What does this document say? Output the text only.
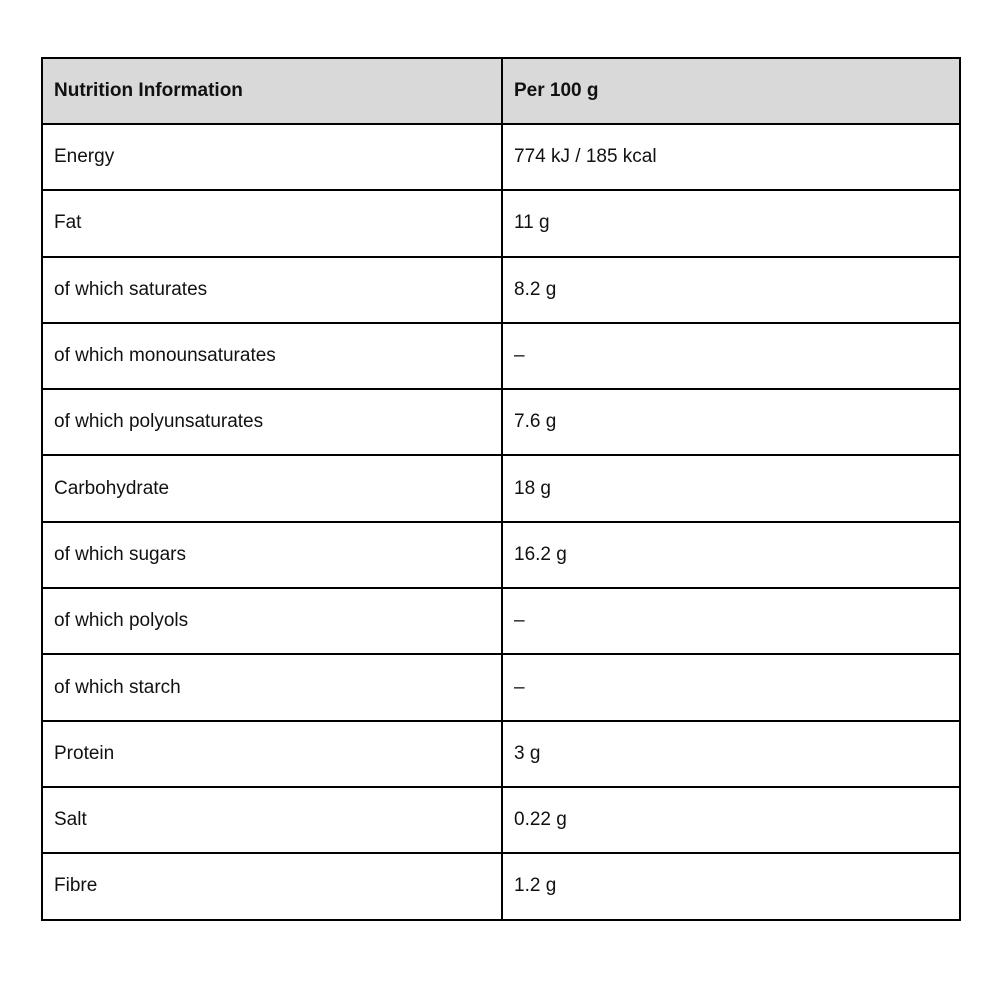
Nutrition Information	Per 100 g
Energy	774 kJ / 185 kcal
Fat	11 g
of which saturates	8.2 g
of which monounsaturates	–
of which polyunsaturates	7.6 g
Carbohydrate	18 g
of which sugars	16.2 g
of which polyols	–
of which starch	–
Protein	3 g
Salt	0.22 g
Fibre	1.2 g
